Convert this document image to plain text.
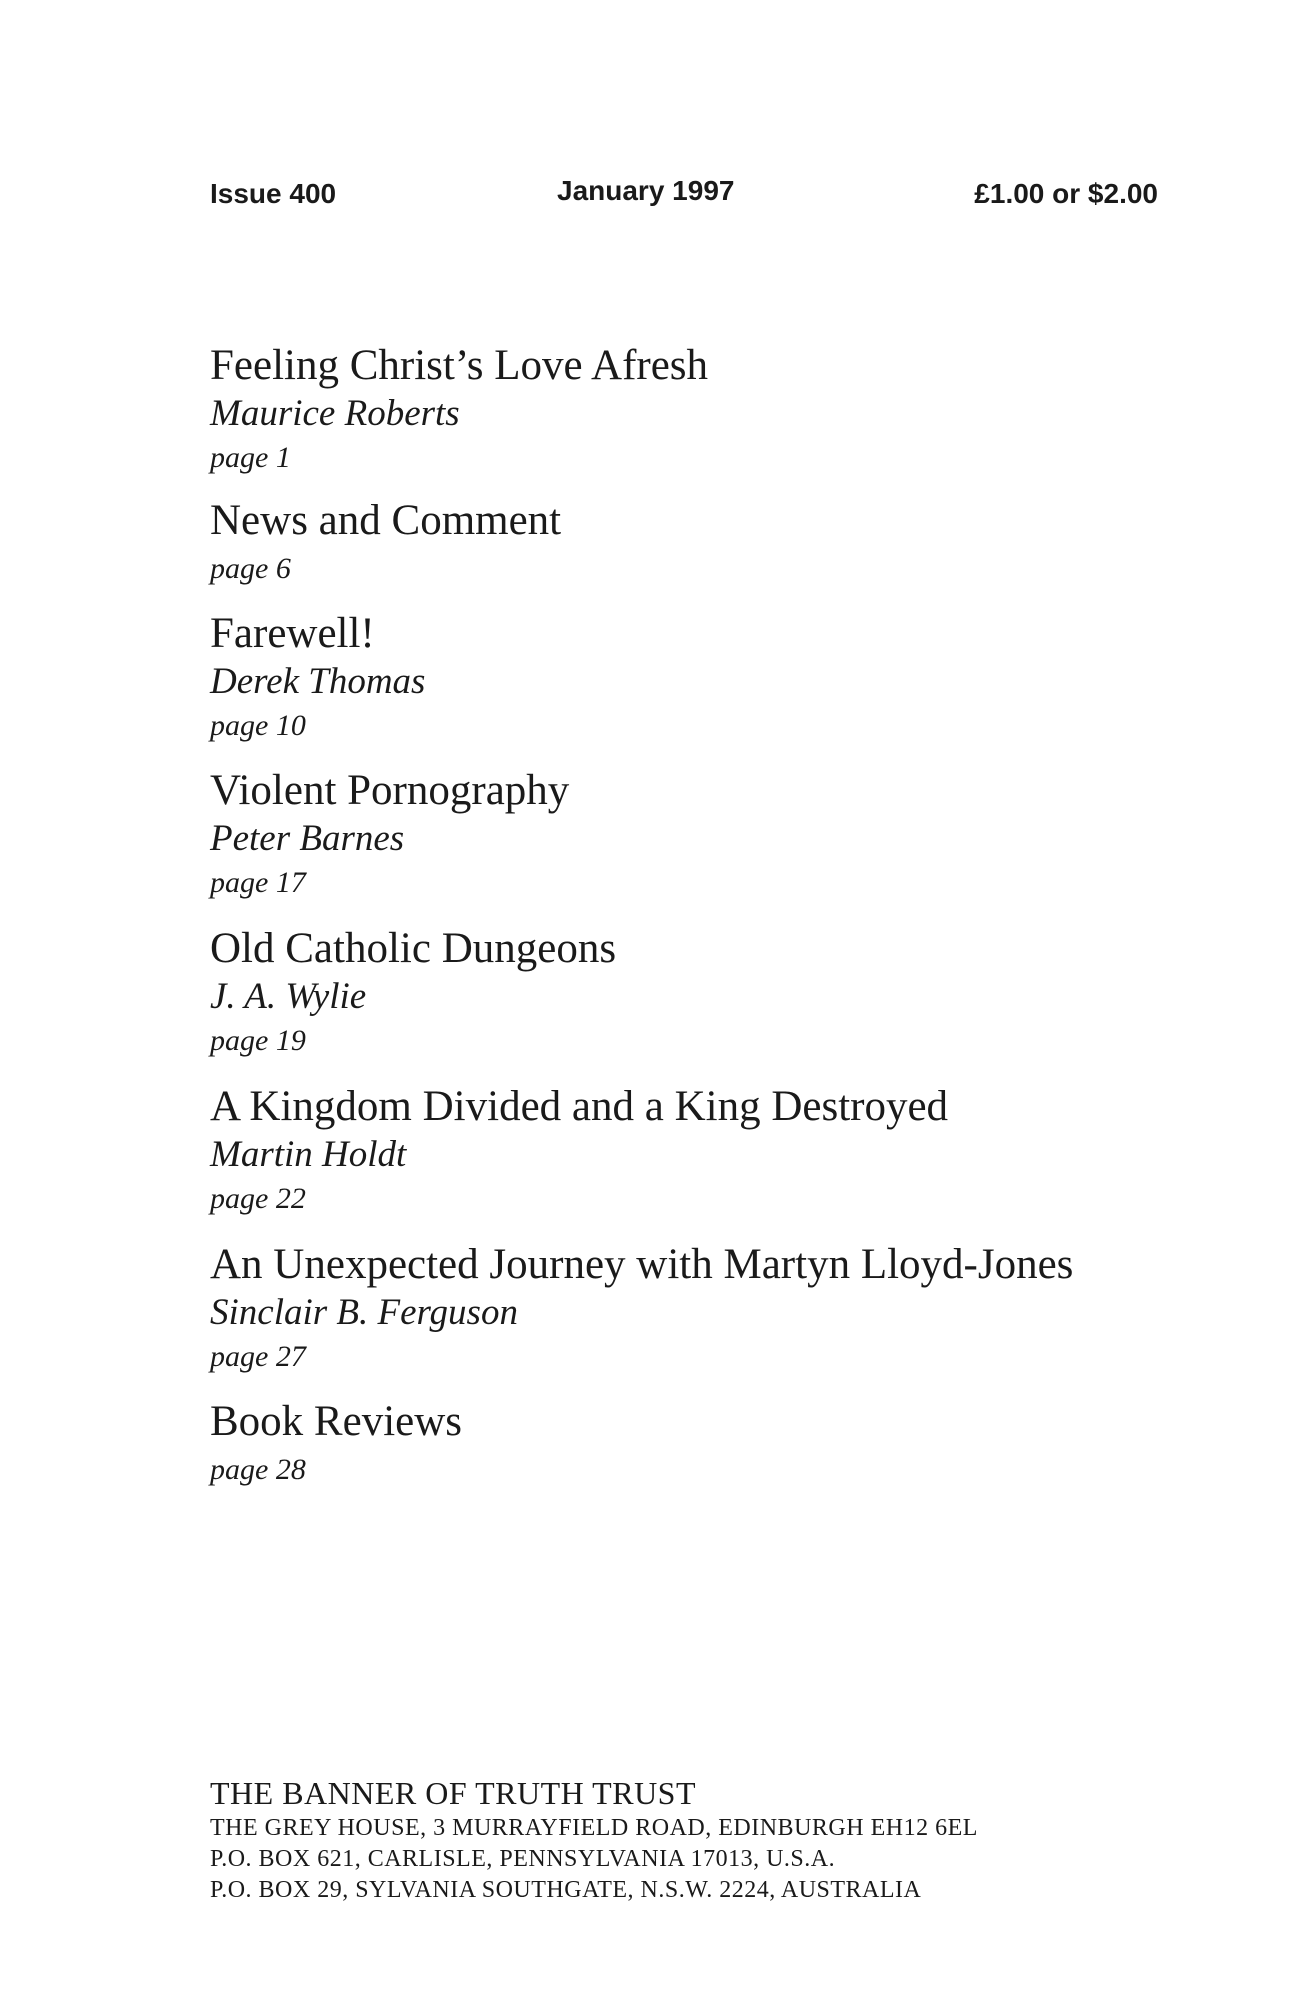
Issue 400	January 1997	£1.00 or $2.00
Feeling Christ’s Love Afresh
Maurice Roberts
page 1
News and Comment
page 6
Farewell!
Derek Thomas
page 10
Violent Pornography
Peter Barnes
page 17
Old Catholic Dungeons
J. A. Wylie
page 19
A Kingdom Divided and a King Destroyed
Martin Holdt
page 22
An Unexpected Journey with Martyn Lloyd-Jones
Sinclair B. Ferguson
page 27
Book Reviews
page 28
THE BANNER OF TRUTH TRUST
THE GREY HOUSE, 3 MURRAYFIELD ROAD, EDINBURGH EH12 6EL
P.O. BOX 621, CARLISLE, PENNSYLVANIA 17013, U.S.A.
P.O. BOX 29, SYLVANIA SOUTHGATE, N.S.W. 2224, AUSTRALIA
